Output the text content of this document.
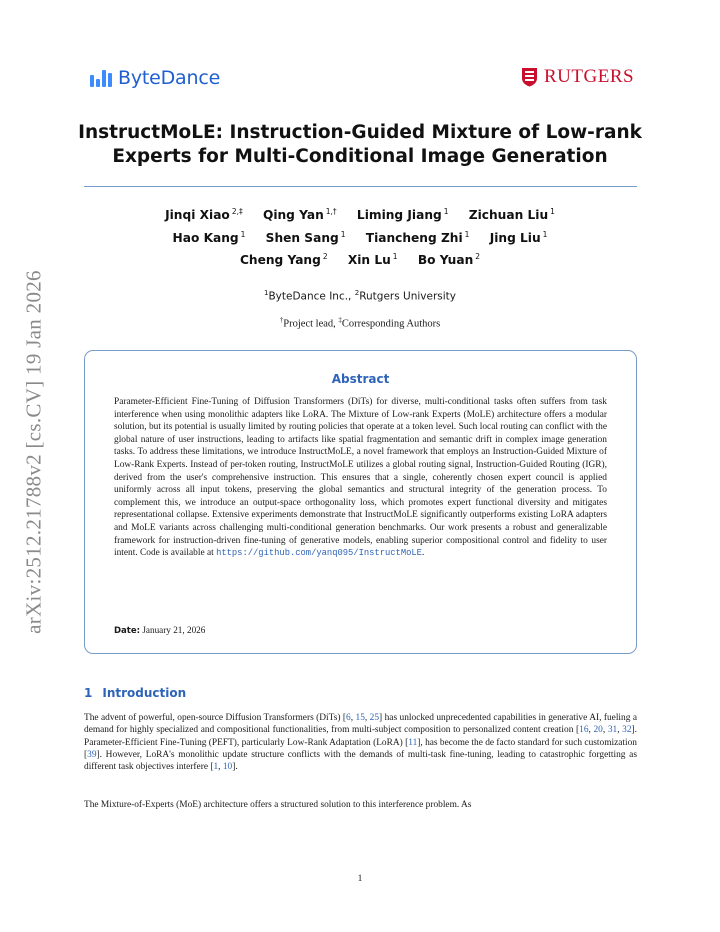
arXiv:2512.21788v2 [cs.CV] 19 Jan 2026
ByteDance	RUTGERS
InstructMoLE: Instruction-Guided Mixture of Low-rank
Experts for Multi-Conditional Image Generation
Jinqi Xiao $^{2,\ddagger}$ Qing Yan $^{1,\dagger}$ Liming Jiang $^1$ Zichuan Liu $^1$
Hao Kang $^1$ Shen Sang $^1$ Tiancheng Zhi $^1$ Jing Liu $^1$
Cheng Yang $^2$ Xin Lu $^1$ Bo Yuan $^2$
$^1$ByteDance Inc., $^2$Rutgers University
†Project lead, ‡Corresponding Authors
Abstract
Parameter-Efficient Fine-Tuning of Diffusion Transformers (DiTs) for diverse, multi-conditional tasks often suffers from task interference when using monolithic adapters like LoRA. The Mixture of Low-rank Experts (MoLE) architecture offers a modular solution, but its potential is usually limited by routing policies that operate at a token level. Such local routing can conflict with the global nature of user instructions, leading to artifacts like spatial fragmentation and semantic drift in complex image generation tasks. To address these limitations, we introduce InstructMoLE, a novel framework that employs an Instruction-Guided Mixture of Low-Rank Experts. Instead of per-token routing, InstructMoLE utilizes a global routing signal, Instruction-Guided Routing (IGR), derived from the user's comprehensive instruction. This ensures that a single, coherently chosen expert council is applied uniformly across all input tokens, preserving the global semantics and structural integrity of the generation process. To complement this, we introduce an output-space orthogonality loss, which promotes expert functional diversity and mitigates representational collapse. Extensive experiments demonstrate that InstructMoLE significantly outperforms existing LoRA adapters and MoLE variants across challenging multi-conditional generation benchmarks. Our work presents a robust and generalizable framework for instruction-driven fine-tuning of generative models, enabling superior compositional control and fidelity to user intent. Code is available at https://github.com/yanq095/InstructMoLE.
Date: January 21, 2026
1 Introduction
The advent of powerful, open-source Diffusion Transformers (DiTs) [6, 15, 25] has unlocked unprecedented capabilities in generative AI, fueling a demand for highly specialized and compositional functionalities, from multi-subject composition to personalized content creation [16, 20, 31, 32]. Parameter-Efficient Fine-Tuning (PEFT), particularly Low-Rank Adaptation (LoRA) [11], has become the de facto standard for such customization [39]. However, LoRA's monolithic update structure conflicts with the demands of multi-task fine-tuning, leading to catastrophic forgetting as different task objectives interfere [1, 10].
The Mixture-of-Experts (MoE) architecture offers a structured solution to this interference problem. As
1
